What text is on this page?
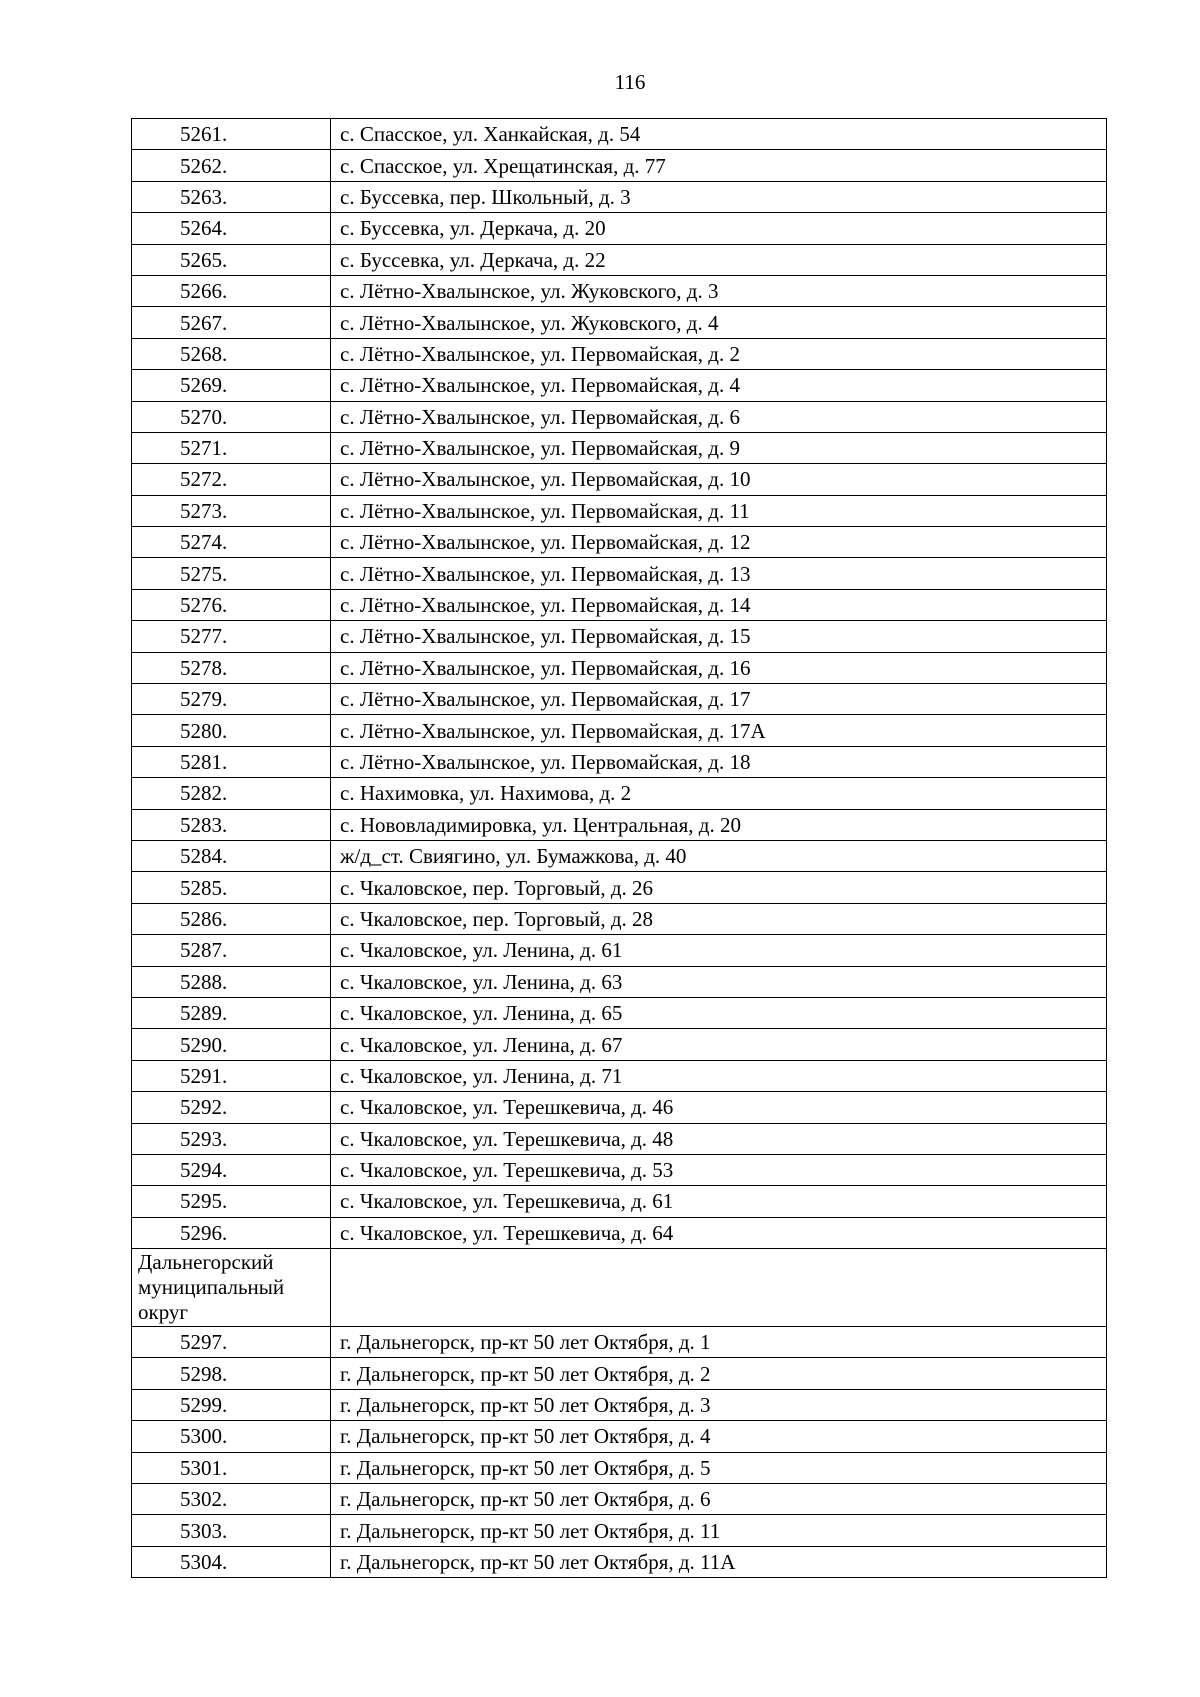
116
5261.	с. Спасское, ул. Ханкайская, д. 54
5262.	с. Спасское, ул. Хрещатинская, д. 77
5263.	с. Буссевка, пер. Школьный, д. 3
5264.	с. Буссевка, ул. Деркача, д. 20
5265.	с. Буссевка, ул. Деркача, д. 22
5266.	с. Лётно-Хвалынское, ул. Жуковского, д. 3
5267.	с. Лётно-Хвалынское, ул. Жуковского, д. 4
5268.	с. Лётно-Хвалынское, ул. Первомайская, д. 2
5269.	с. Лётно-Хвалынское, ул. Первомайская, д. 4
5270.	с. Лётно-Хвалынское, ул. Первомайская, д. 6
5271.	с. Лётно-Хвалынское, ул. Первомайская, д. 9
5272.	с. Лётно-Хвалынское, ул. Первомайская, д. 10
5273.	с. Лётно-Хвалынское, ул. Первомайская, д. 11
5274.	с. Лётно-Хвалынское, ул. Первомайская, д. 12
5275.	с. Лётно-Хвалынское, ул. Первомайская, д. 13
5276.	с. Лётно-Хвалынское, ул. Первомайская, д. 14
5277.	с. Лётно-Хвалынское, ул. Первомайская, д. 15
5278.	с. Лётно-Хвалынское, ул. Первомайская, д. 16
5279.	с. Лётно-Хвалынское, ул. Первомайская, д. 17
5280.	с. Лётно-Хвалынское, ул. Первомайская, д. 17А
5281.	с. Лётно-Хвалынское, ул. Первомайская, д. 18
5282.	с. Нахимовка, ул. Нахимова, д. 2
5283.	с. Нововладимировка, ул. Центральная, д. 20
5284.	ж/д_ст. Свиягино, ул. Бумажкова, д. 40
5285.	с. Чкаловское, пер. Торговый, д. 26
5286.	с. Чкаловское, пер. Торговый, д. 28
5287.	с. Чкаловское, ул. Ленина, д. 61
5288.	с. Чкаловское, ул. Ленина, д. 63
5289.	с. Чкаловское, ул. Ленина, д. 65
5290.	с. Чкаловское, ул. Ленина, д. 67
5291.	с. Чкаловское, ул. Ленина, д. 71
5292.	с. Чкаловское, ул. Терешкевича, д. 46
5293.	с. Чкаловское, ул. Терешкевича, д. 48
5294.	с. Чкаловское, ул. Терешкевича, д. 53
5295.	с. Чкаловское, ул. Терешкевича, д. 61
5296.	с. Чкаловское, ул. Терешкевича, д. 64
Дальнегорский
муниципальный
округ	
5297.	г. Дальнегорск, пр-кт 50 лет Октября, д. 1
5298.	г. Дальнегорск, пр-кт 50 лет Октября, д. 2
5299.	г. Дальнегорск, пр-кт 50 лет Октября, д. 3
5300.	г. Дальнегорск, пр-кт 50 лет Октября, д. 4
5301.	г. Дальнегорск, пр-кт 50 лет Октября, д. 5
5302.	г. Дальнегорск, пр-кт 50 лет Октября, д. 6
5303.	г. Дальнегорск, пр-кт 50 лет Октября, д. 11
5304.	г. Дальнегорск, пр-кт 50 лет Октября, д. 11А
